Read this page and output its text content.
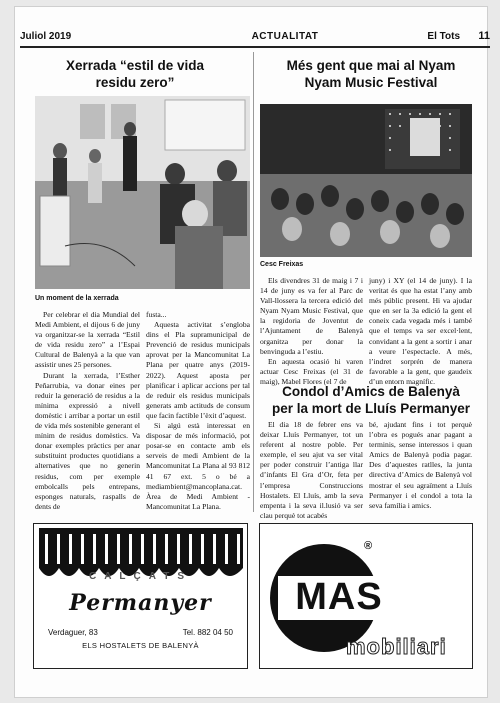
Juliol 2019	ACTUALITAT	El Tots	11
Xerrada “estil de vida
residu zero”
Un moment de la xerrada

Per celebrar el dia Mundial del Medi Ambient, el dijous 6 de juny va organitzar-se la xerrada “Estil de vida residu zero” a l’Espai Cultural de Balenyà a la que van assistir unes 25 persones.

Durant la xerrada, l’Esther Peñarrubia, va donar eines per reduir la generació de residus a la mínima expressió a nivell domèstic i arribar a portar un estil de vida més sostenible generant el mínim de residus domèstics. Va donar exemples pràctics per anar substituint productes quotidians a alternatives que no generin residus, com per exemple embolcalls pels entrepans, esponges naturals, raspalls de dents de

fusta...

Aquesta activitat s’engloba dins el Pla supramunicipal de Prevenció de residus municipals aprovat per la Mancomunitat La Plana per quatre anys (2019-2022). Aquest aposta per planificar i aplicar accions per tal de reduir els residus municipals generats amb actituds de consum que facin factible l’èxit d’aquest.

Si algú està interessat en disposar de més informació, pot posar-se en contacte amb els serveis de medi Ambient de la Mancomunitat La Plana al 93 812 41 67 ext. 5 o bé a mediambient@mancoplana.cat. Àrea de Medi Ambient - Mancomunitat La Plana.

Més gent que mai al Nyam
Nyam Music Festival
Cesc Freixas

Els divendres 31 de maig i 7 i 14 de juny es va fer al Parc de Vall-llossera la tercera edició del Nyam Nyam Music Festival, que la regidoria de Joventut de l’Ajuntament de Balenyà organitza per donar la benvinguda a l’estiu.

En aquesta ocasió hi varen actuar Cesc Freixas (el 31 de maig), Mabel Flores (el 7 de

juny) i XY (el 14 de juny). I la veritat és que ha estat l’any amb més públic present. Hi va ajudar que en ser la 3a edició la gent el coneix cada vegada més i també que el temps va ser excel·lent, convidant a la gent a sortir i anar a veure l’espectacle. A més, l’indret sorprén de manera favorable a la gent, que gaudeix d’un entorn magnífic.
Condol d’Amics de Balenyà
per la mort de Lluís Permanyer

El dia 18 de febrer ens va deixar Lluís Permanyer, tot un referent al nostre poble. Per exemple, el seu ajut va ser vital per poder construir l’antiga llar d’infants El Gra d’Or, feta per l’empresa Construccions Hostalets. El Lluís, amb la seva empenta i la seva il.lusió va ser clau perquè tot acabés

bé, ajudant fins i tot perquè l’obra es pogués anar pagant a terminis, sense interessos i quan Amics de Balenyà podia pagar. Des d’aquestes ratlles, la junta directiva d’Amics de Balenyà vol mostrar el seu agraïment a Lluís Permanyer i el condol a tota la seva família i amics.
CALÇATS
Permanyer
Verdaguer, 83	Tel. 882 04 50
ELS HOSTALETS DE BALENYÀ
®
MAS
mobiliari
